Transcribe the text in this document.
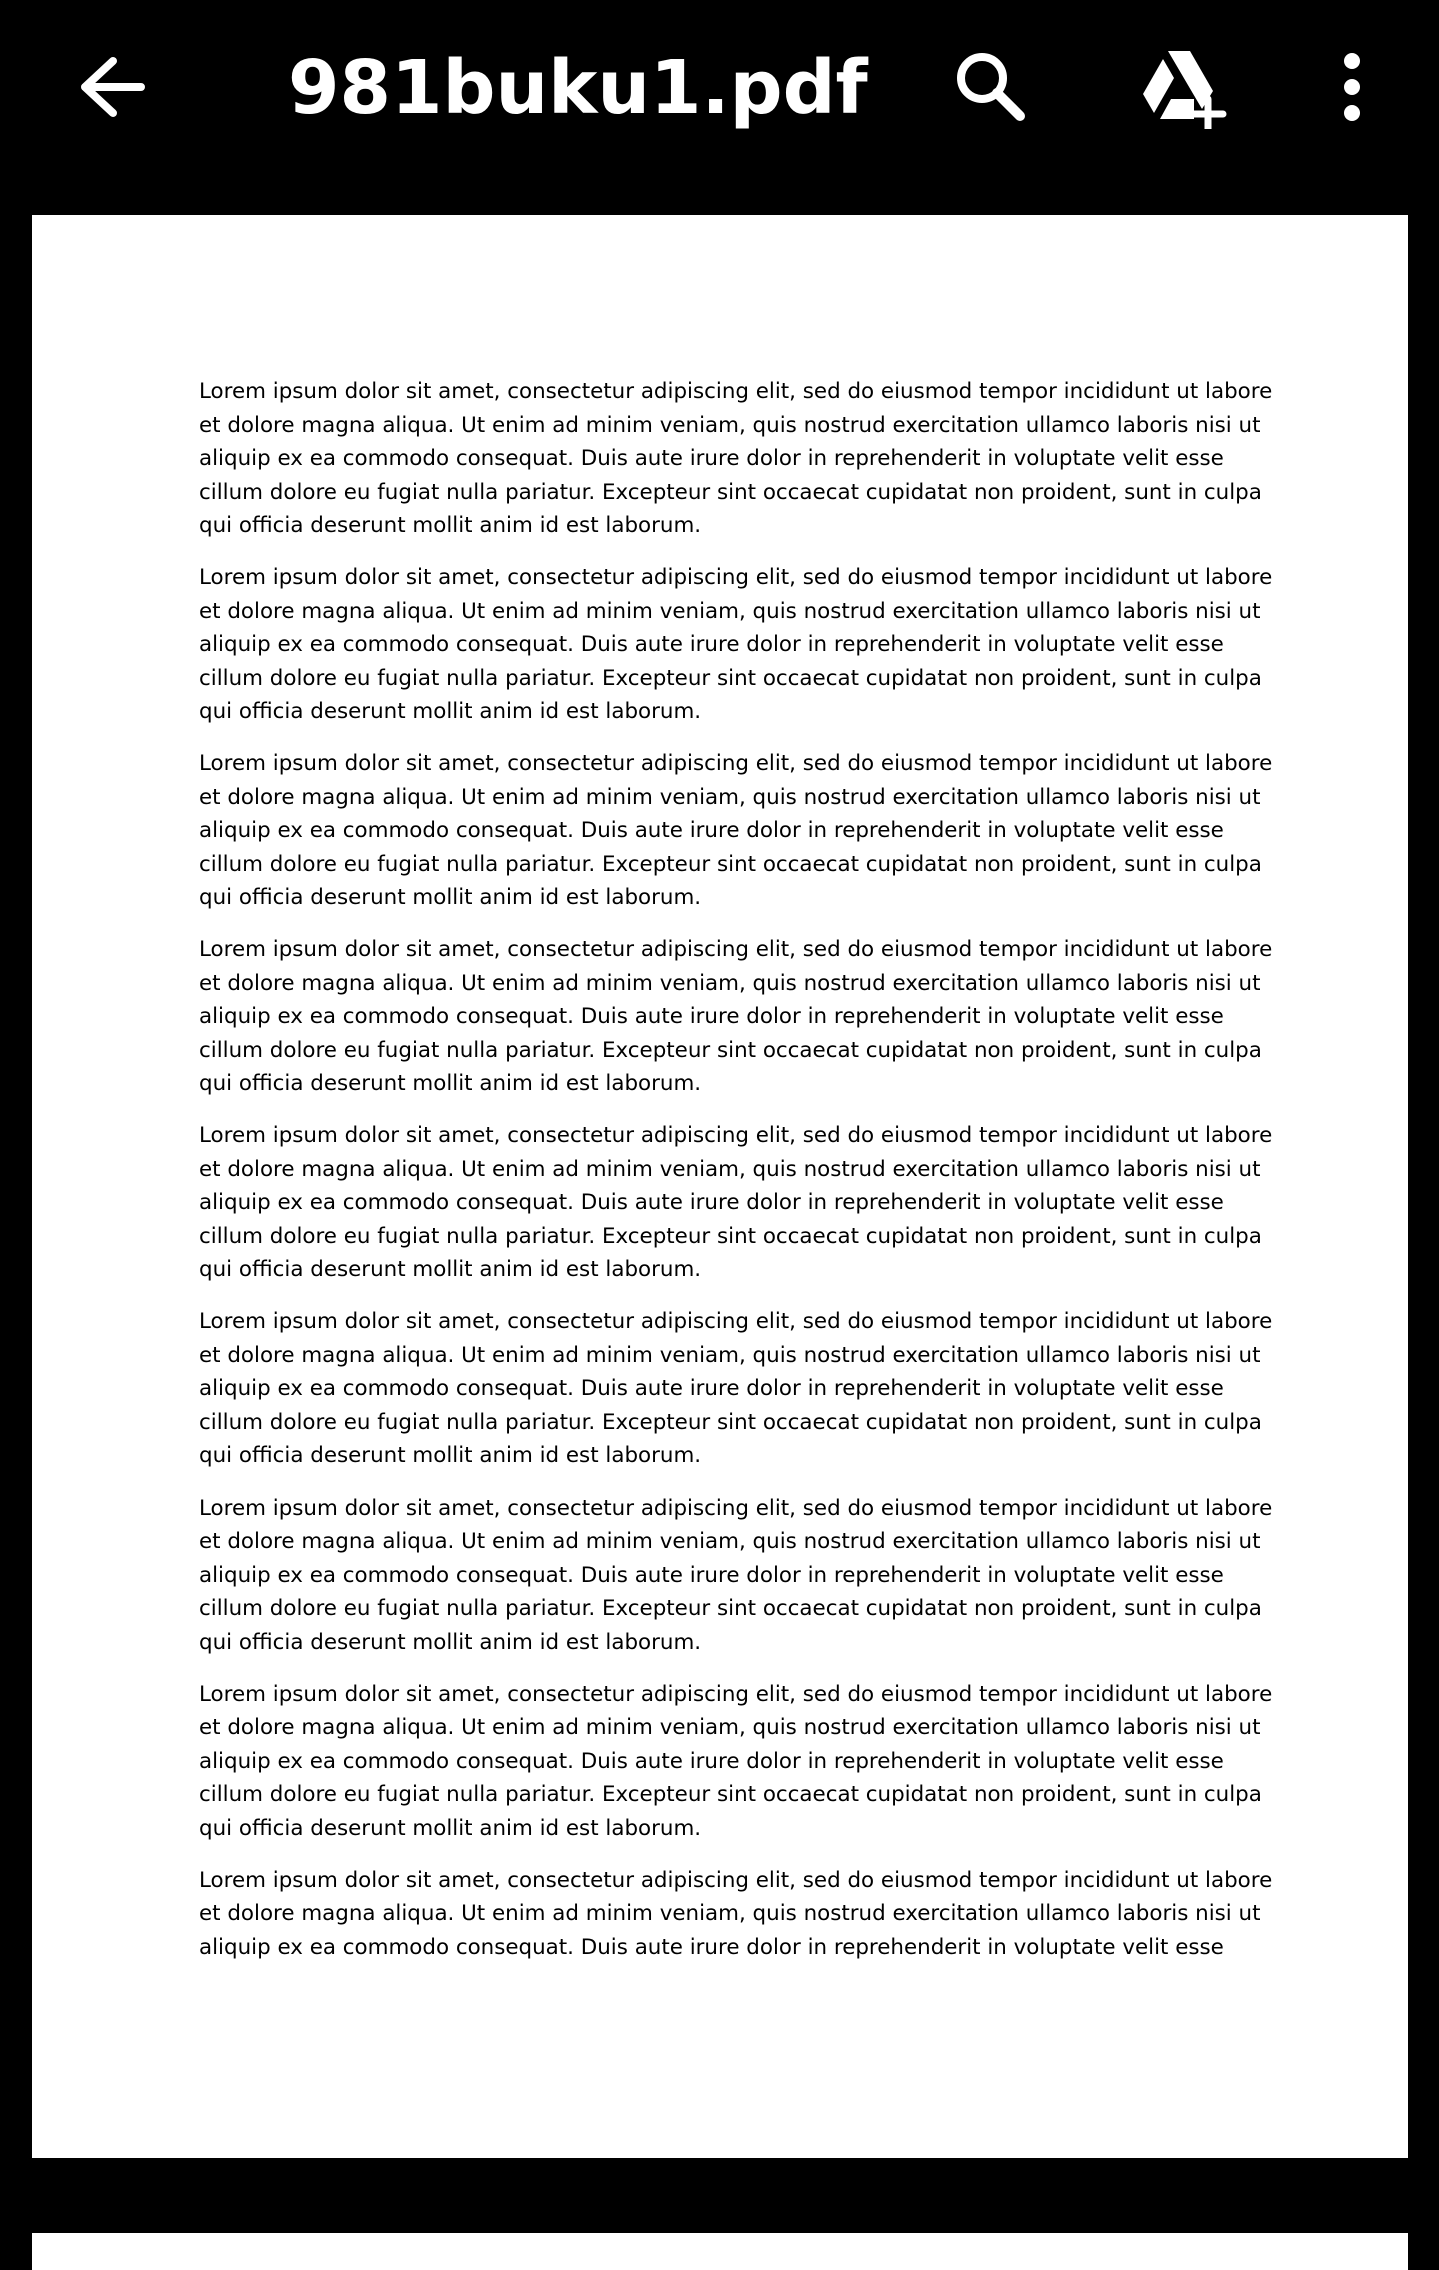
981buku1.pdf

Lorem ipsum dolor sit amet, consectetur adipiscing elit, sed do eiusmod tempor incididunt ut labore
et dolore magna aliqua. Ut enim ad minim veniam, quis nostrud exercitation ullamco laboris nisi ut
aliquip ex ea commodo consequat. Duis aute irure dolor in reprehenderit in voluptate velit esse
cillum dolore eu fugiat nulla pariatur. Excepteur sint occaecat cupidatat non proident, sunt in culpa
qui officia deserunt mollit anim id est laborum.

Lorem ipsum dolor sit amet, consectetur adipiscing elit, sed do eiusmod tempor incididunt ut labore
et dolore magna aliqua. Ut enim ad minim veniam, quis nostrud exercitation ullamco laboris nisi ut
aliquip ex ea commodo consequat. Duis aute irure dolor in reprehenderit in voluptate velit esse
cillum dolore eu fugiat nulla pariatur. Excepteur sint occaecat cupidatat non proident, sunt in culpa
qui officia deserunt mollit anim id est laborum.

Lorem ipsum dolor sit amet, consectetur adipiscing elit, sed do eiusmod tempor incididunt ut labore
et dolore magna aliqua. Ut enim ad minim veniam, quis nostrud exercitation ullamco laboris nisi ut
aliquip ex ea commodo consequat. Duis aute irure dolor in reprehenderit in voluptate velit esse
cillum dolore eu fugiat nulla pariatur. Excepteur sint occaecat cupidatat non proident, sunt in culpa
qui officia deserunt mollit anim id est laborum.

Lorem ipsum dolor sit amet, consectetur adipiscing elit, sed do eiusmod tempor incididunt ut labore
et dolore magna aliqua. Ut enim ad minim veniam, quis nostrud exercitation ullamco laboris nisi ut
aliquip ex ea commodo consequat. Duis aute irure dolor in reprehenderit in voluptate velit esse
cillum dolore eu fugiat nulla pariatur. Excepteur sint occaecat cupidatat non proident, sunt in culpa
qui officia deserunt mollit anim id est laborum.

Lorem ipsum dolor sit amet, consectetur adipiscing elit, sed do eiusmod tempor incididunt ut labore
et dolore magna aliqua. Ut enim ad minim veniam, quis nostrud exercitation ullamco laboris nisi ut
aliquip ex ea commodo consequat. Duis aute irure dolor in reprehenderit in voluptate velit esse
cillum dolore eu fugiat nulla pariatur. Excepteur sint occaecat cupidatat non proident, sunt in culpa
qui officia deserunt mollit anim id est laborum.

Lorem ipsum dolor sit amet, consectetur adipiscing elit, sed do eiusmod tempor incididunt ut labore
et dolore magna aliqua. Ut enim ad minim veniam, quis nostrud exercitation ullamco laboris nisi ut
aliquip ex ea commodo consequat. Duis aute irure dolor in reprehenderit in voluptate velit esse
cillum dolore eu fugiat nulla pariatur. Excepteur sint occaecat cupidatat non proident, sunt in culpa
qui officia deserunt mollit anim id est laborum.

Lorem ipsum dolor sit amet, consectetur adipiscing elit, sed do eiusmod tempor incididunt ut labore
et dolore magna aliqua. Ut enim ad minim veniam, quis nostrud exercitation ullamco laboris nisi ut
aliquip ex ea commodo consequat. Duis aute irure dolor in reprehenderit in voluptate velit esse
cillum dolore eu fugiat nulla pariatur. Excepteur sint occaecat cupidatat non proident, sunt in culpa
qui officia deserunt mollit anim id est laborum.

Lorem ipsum dolor sit amet, consectetur adipiscing elit, sed do eiusmod tempor incididunt ut labore
et dolore magna aliqua. Ut enim ad minim veniam, quis nostrud exercitation ullamco laboris nisi ut
aliquip ex ea commodo consequat. Duis aute irure dolor in reprehenderit in voluptate velit esse
cillum dolore eu fugiat nulla pariatur. Excepteur sint occaecat cupidatat non proident, sunt in culpa
qui officia deserunt mollit anim id est laborum.

Lorem ipsum dolor sit amet, consectetur adipiscing elit, sed do eiusmod tempor incididunt ut labore
et dolore magna aliqua. Ut enim ad minim veniam, quis nostrud exercitation ullamco laboris nisi ut
aliquip ex ea commodo consequat. Duis aute irure dolor in reprehenderit in voluptate velit esse
